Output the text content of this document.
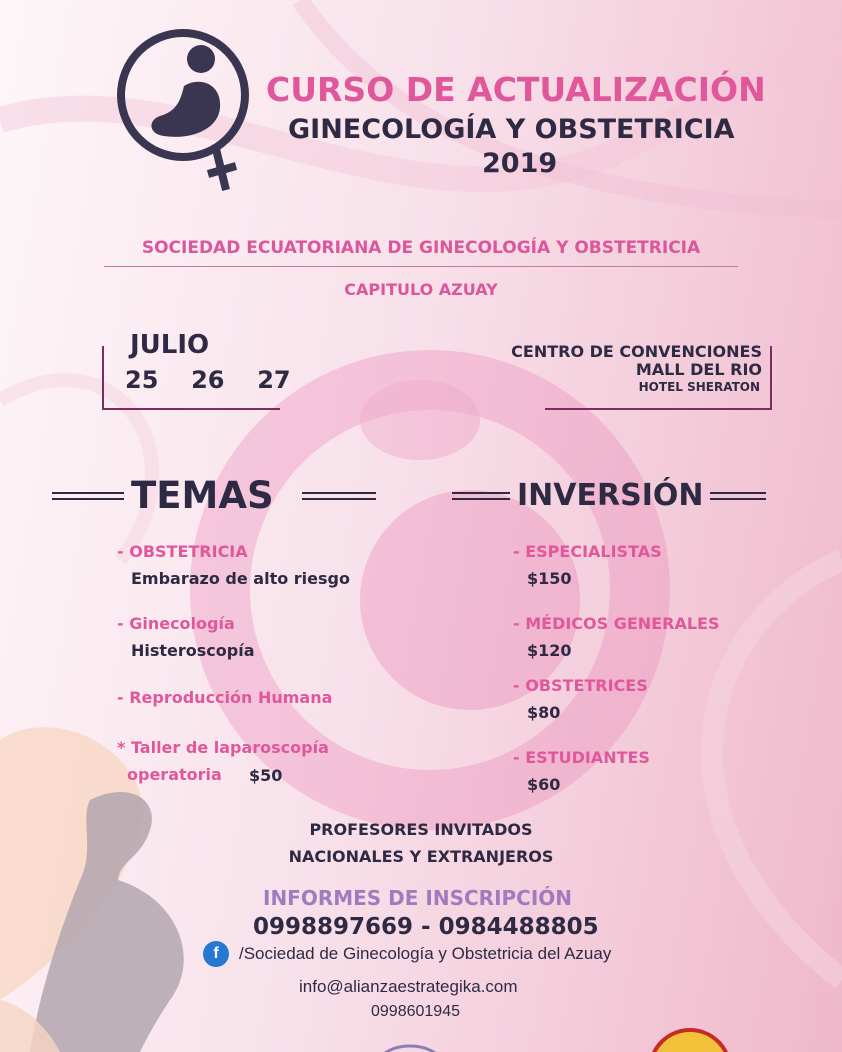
CURSO DE ACTUALIZACIÓN
GINECOLOGÍA Y OBSTETRICIA
2019
SOCIEDAD ECUATORIANA DE GINECOLOGÍA Y OBSTETRICIA
CAPITULO AZUAY
JULIO
25  26  27
CENTRO DE CONVENCIONES
MALL DEL RIO
HOTEL SHERATON
TEMAS	INVERSIÓN
- OBSTETRICIA
Embarazo de alto riesgo
- Ginecología
Histeroscopía
- Reproducción Humana
* Taller de laparoscopía
operatoria $50
- ESPECIALISTAS
$150
- MÉDICOS GENERALES
$120
- OBSTETRICES
$80
- ESTUDIANTES
$60
PROFESORES INVITADOS
NACIONALES Y EXTRANJEROS
INFORMES DE INSCRIPCIÓN
0998897669 - 0984488805
f	/Sociedad de Ginecología y Obstetricia del Azuay
info@alianzaestrategika.com
0998601945
